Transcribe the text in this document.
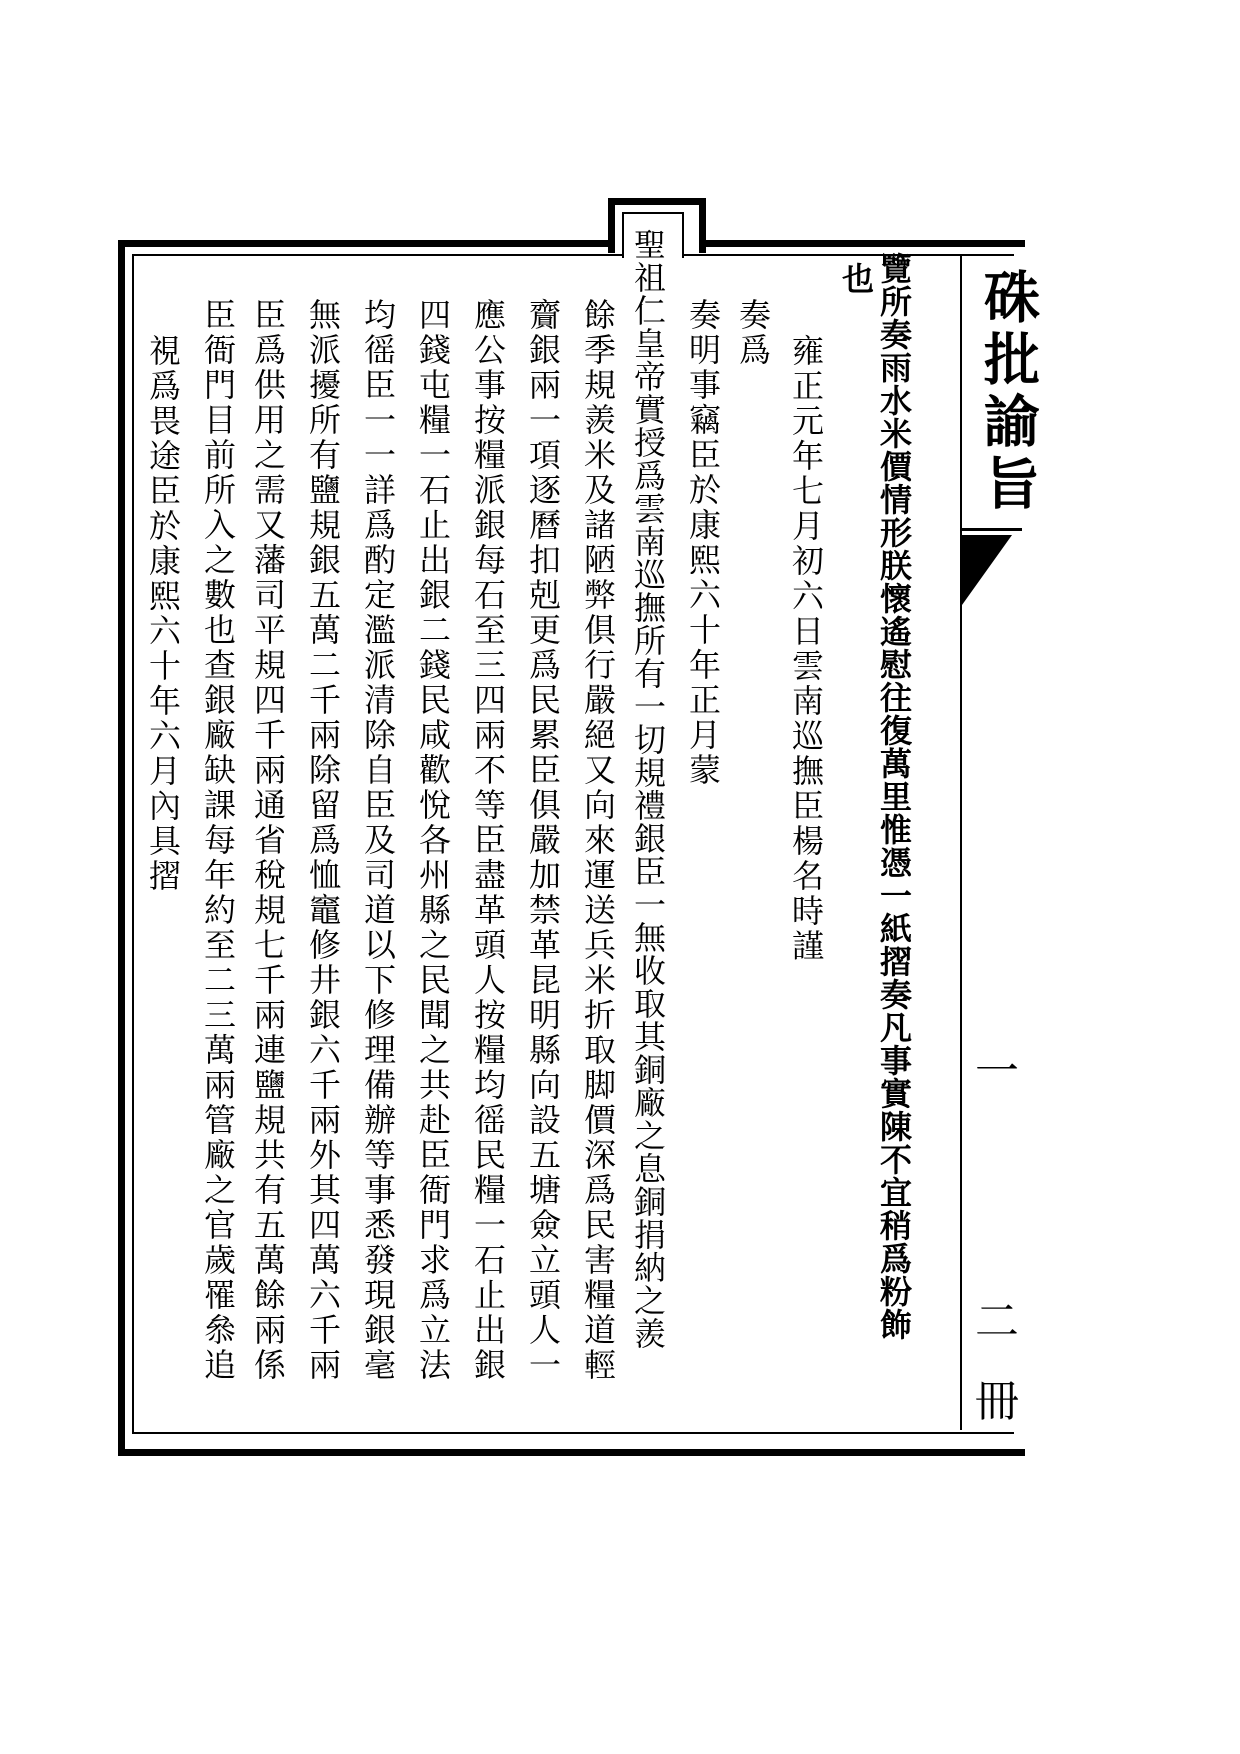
硃批諭旨
一
二
冊
覽所奏雨水米價情形朕懷遙慰往復萬里惟憑一紙摺奏凡事實陳不宜稍爲粉飾
也
雍正元年七月初六日雲南巡撫臣楊名時謹
奏爲
奏明事竊臣於康熙六十年正月蒙
聖祖仁皇帝實授爲雲南巡撫所有一切規禮銀臣一無收取其銅廠之息銅捐納之羨
餘季規羨米及諸陋弊俱行嚴絕又向來運送兵米折取脚價深爲民害糧道輕
齎銀兩一項逐曆扣剋更爲民累臣俱嚴加禁革昆明縣向設五塘僉立頭人一
應公事按糧派銀每石至三四兩不等臣盡革頭人按糧均徭民糧一石止出銀
四錢屯糧一石止出銀二錢民咸歡悅各州縣之民聞之共赴臣衙門求爲立法
均徭臣一一詳爲酌定濫派清除自臣及司道以下修理備辦等事悉發現銀毫
無派擾所有鹽規銀五萬二千兩除留爲恤竈修井銀六千兩外其四萬六千兩
臣爲供用之需又藩司平規四千兩通省稅規七千兩連鹽規共有五萬餘兩係
臣衙門目前所入之數也查銀廠缺課每年約至二三萬兩管廠之官歲罹叅追
視爲畏途臣於康熙六十年六月內具摺
